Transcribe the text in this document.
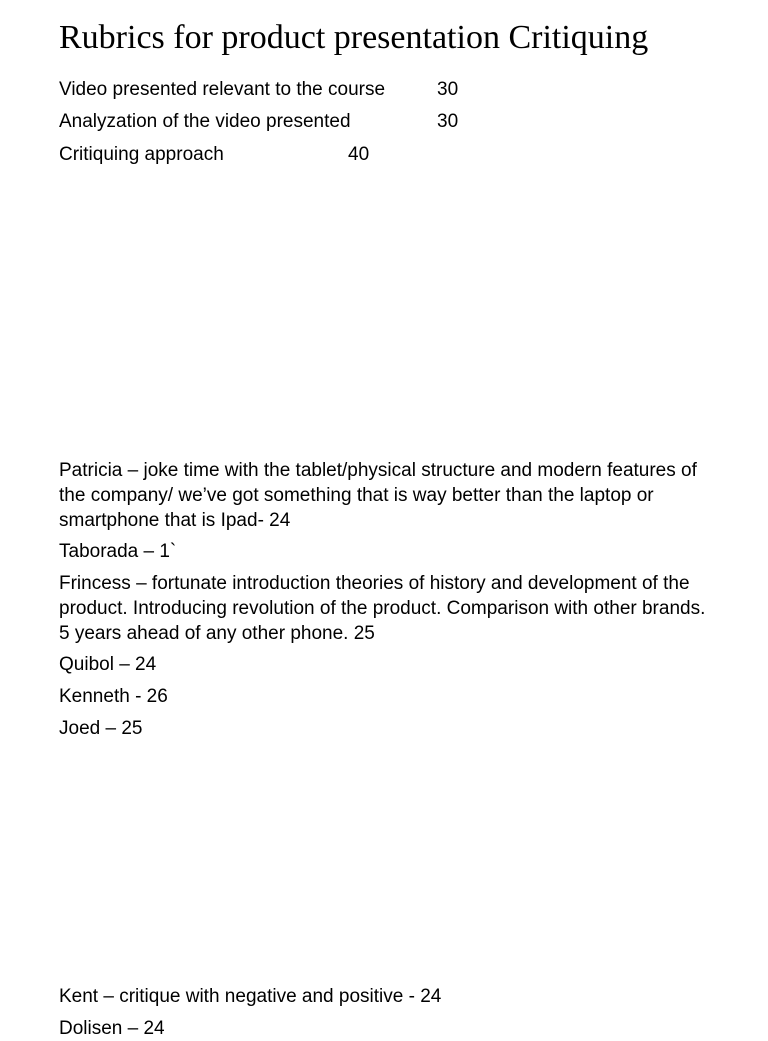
Rubrics for product presentation Critiquing
Video presented relevant to the course	30
Analyzation of the video presented	30
Critiquing approach	40

Patricia – joke time with the tablet/physical structure and modern features of the company/ we’ve got something that is way better than the laptop or smartphone that is Ipad- 24

Taborada – 1`

Frincess – fortunate introduction theories of history and development of the product. Introducing revolution of the product. Comparison with other brands. 5 years ahead of any other phone. 25

Quibol – 24

Kenneth - 26

Joed – 25

Kent – critique with negative and positive - 24

Dolisen – 24
